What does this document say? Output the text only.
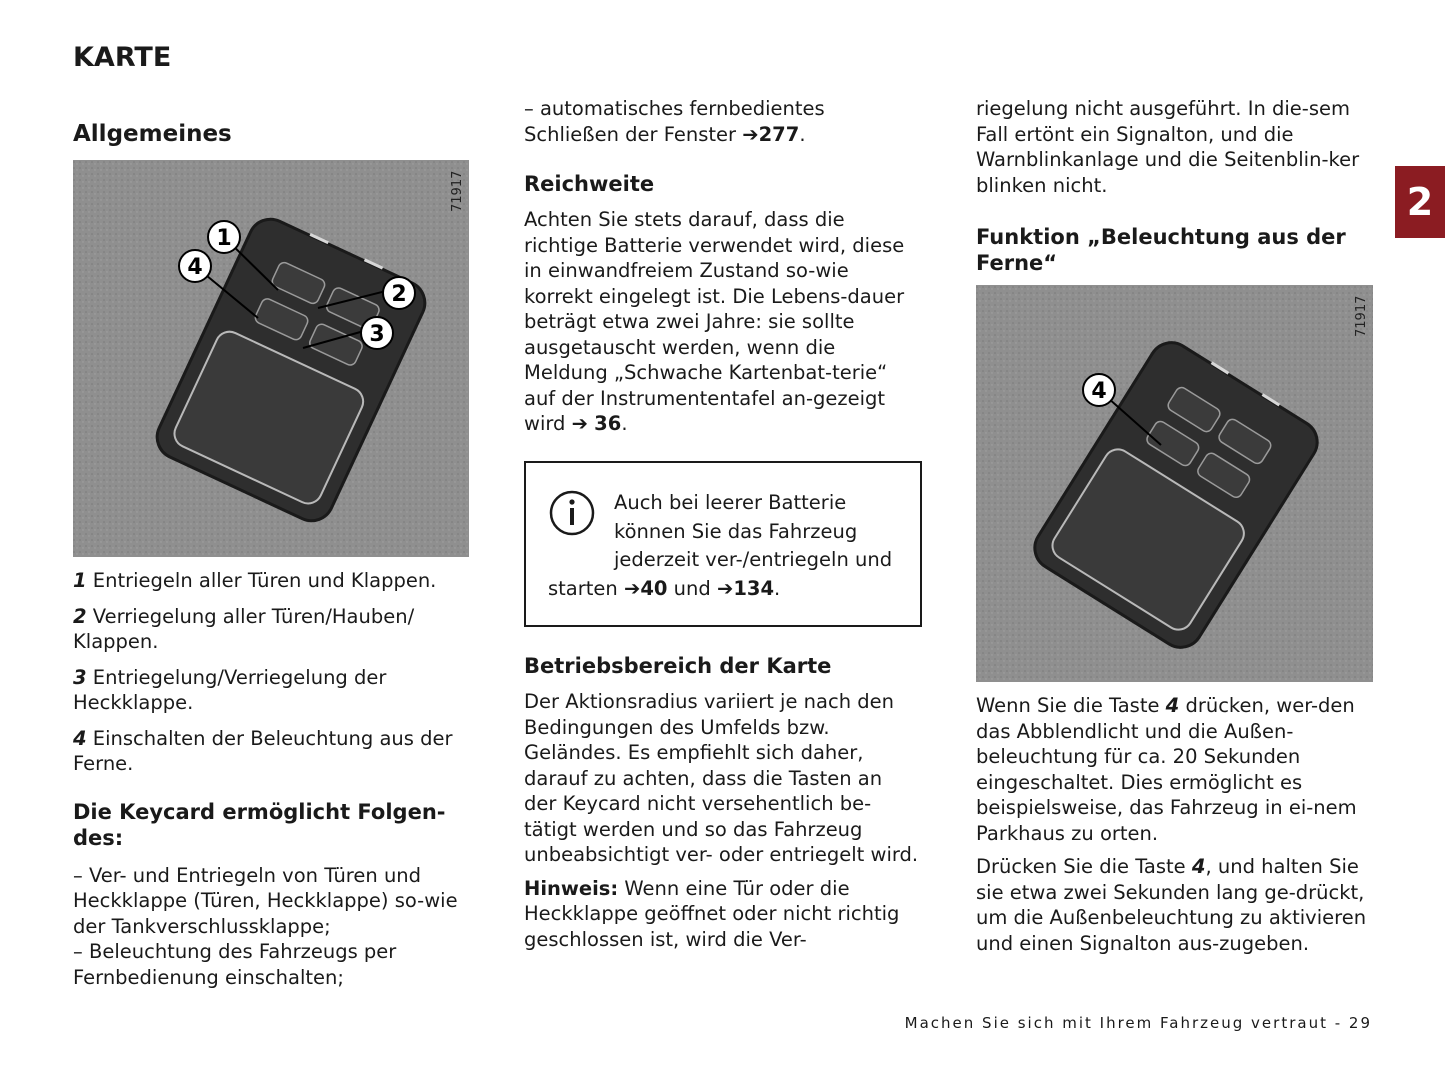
KARTE
2

Allgemeines

1
4
2
3
71917

1 Entriegeln aller Türen und Klappen.

2 Verriegelung aller Türen/Hauben/ Klappen.

3 Entriegelung/Verriegelung der Heckklappe.

4 Einschalten der Beleuchtung aus der Ferne.

Die Keycard ermöglicht Folgen-des:

– Ver- und Entriegeln von Türen und Heckklappe (Türen, Heckklappe) so-wie der Tankverschlussklappe;

– Beleuchtung des Fahrzeugs per Fernbedienung einschalten;

– automatisches fernbedientes Schließen der Fenster ➔277.

Reichweite

Achten Sie stets darauf, dass die richtige Batterie verwendet wird, diese in einwandfreiem Zustand so-wie korrekt eingelegt ist. Die Lebens-dauer beträgt etwa zwei Jahre: sie sollte ausgetauscht werden, wenn die Meldung „Schwache Kartenbat-terie“ auf der Instrumententafel an-gezeigt wird ➔ 36.

Auch bei leerer Batterie können Sie das Fahrzeug jederzeit ver-/entriegeln und starten ➔40 und ➔134.

Betriebsbereich der Karte

Der Aktionsradius variiert je nach den Bedingungen des Umfelds bzw. Geländes. Es empfiehlt sich daher, darauf zu achten, dass die Tasten an der Keycard nicht versehentlich be-tätigt werden und so das Fahrzeug unbeabsichtigt ver- oder entriegelt wird.

Hinweis: Wenn eine Tür oder die Heckklappe geöffnet oder nicht richtig geschlossen ist, wird die Ver-

riegelung nicht ausgeführt. In die-sem Fall ertönt ein Signalton, und die Warnblinkanlage und die Seitenblin-ker blinken nicht.

Funktion „Beleuchtung aus der Ferne“

4
71917

Wenn Sie die Taste 4 drücken, wer-den das Abblendlicht und die Außen-beleuchtung für ca. 20 Sekunden eingeschaltet. Dies ermöglicht es beispielsweise, das Fahrzeug in ei-nem Parkhaus zu orten.

Drücken Sie die Taste 4, und halten Sie sie etwa zwei Sekunden lang ge-drückt, um die Außenbeleuchtung zu aktivieren und einen Signalton aus-zugeben.

Machen Sie sich mit Ihrem Fahrzeug vertraut - 29
